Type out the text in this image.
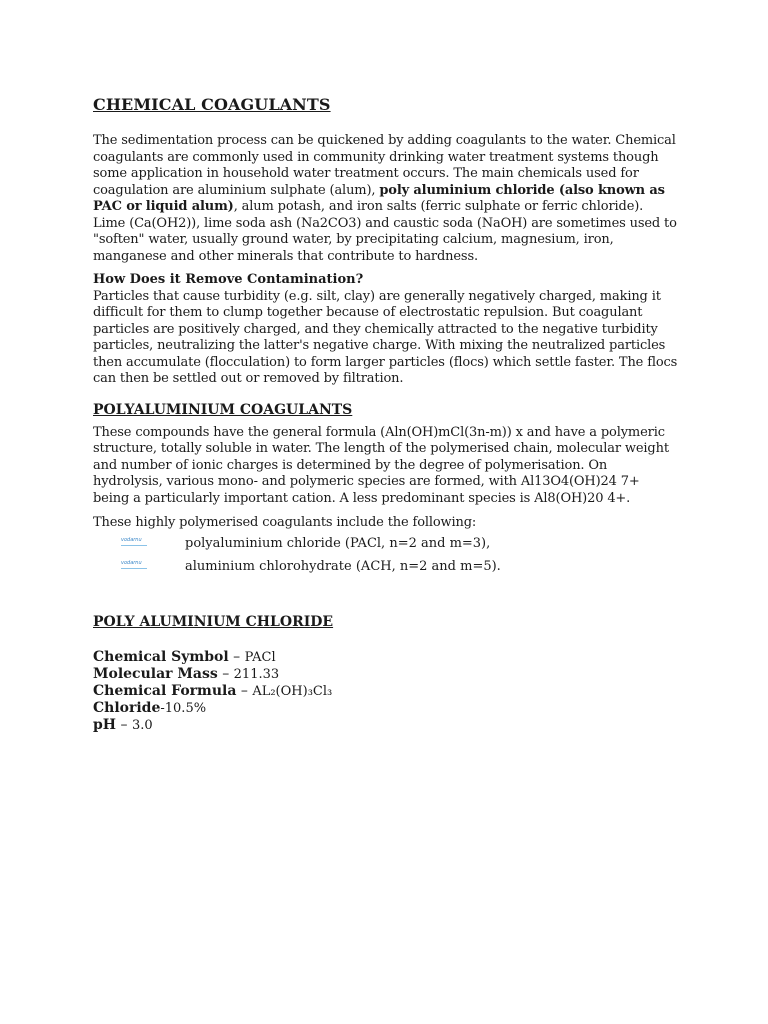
CHEMICAL COAGULANTS

The sedimentation process can be quickened by adding coagulants to the water. Chemical coagulants are commonly used in community drinking water treatment systems though some application in household water treatment occurs. The main chemicals used for coagulation are aluminium sulphate (alum), poly aluminium chloride (also known as PAC or liquid alum), alum potash, and iron salts (ferric sulphate or ferric chloride). Lime (Ca(OH2)), lime soda ash (Na2CO3) and caustic soda (NaOH) are sometimes used to "soften" water, usually ground water, by precipitating calcium, magnesium, iron, manganese and other minerals that contribute to hardness.

How Does it Remove Contamination?

Particles that cause turbidity (e.g. silt, clay) are generally negatively charged, making it difficult for them to clump together because of electrostatic repulsion. But coagulant particles are positively charged, and they chemically attracted to the negative turbidity particles, neutralizing the latter's negative charge. With mixing the neutralized particles then accumulate (flocculation) to form larger particles (flocs) which settle faster. The flocs can then be settled out or removed by filtration.

POLYALUMINIUM COAGULANTS

These compounds have the general formula (Aln(OH)mCl(3n-m)) x and have a polymeric structure, totally soluble in water. The length of the polymerised chain, molecular weight and number of ionic charges is determined by the degree of polymerisation. On hydrolysis, various mono- and polymeric species are formed, with Al13O4(OH)24 7+ being a particularly important cation. A less predominant species is Al8(OH)20 4+.

These highly polymerised coagulants include the following:

vodarnu	polyaluminium chloride (PACl, n=2 and m=3),
vodarnu	aluminium chlorohydrate (ACH, n=2 and m=5).
POLY ALUMINIUM CHLORIDE
Chemical Symbol – PACl
Molecular Mass – 211.33
Chemical Formula – AL₂(OH)₃Cl₃
Chloride-10.5%
pH – 3.0
